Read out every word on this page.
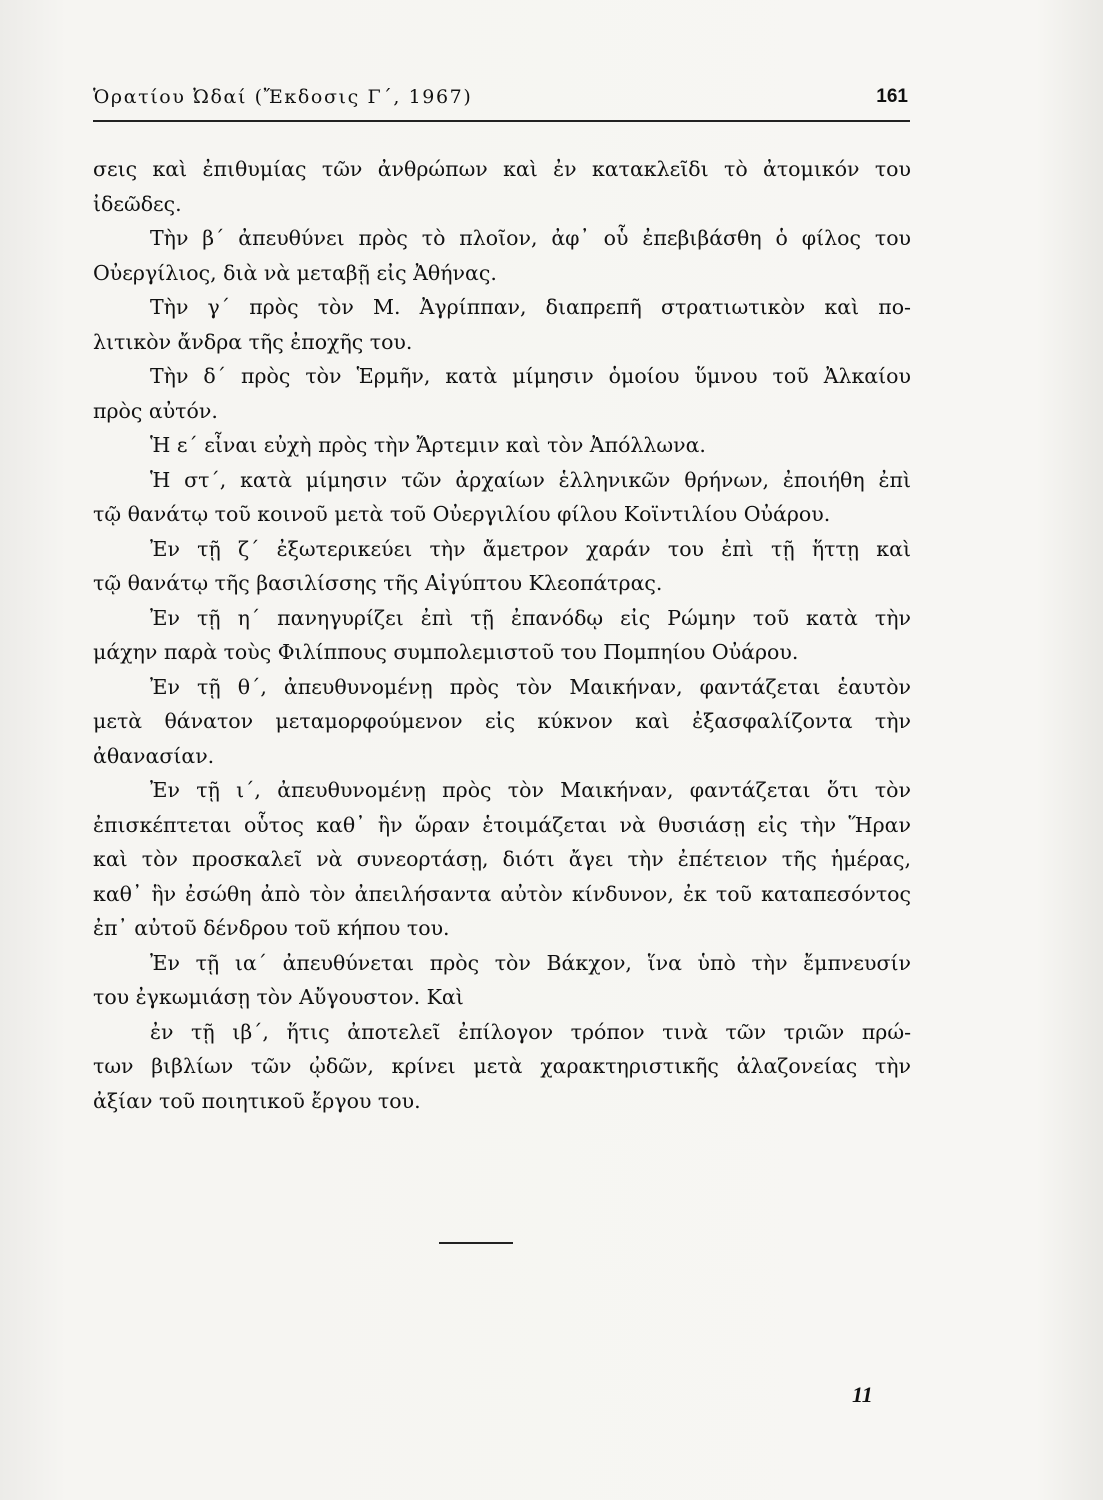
Ὁρατίου Ὠδαί (Ἔκδοσις Γ΄, 1967)	161

σεις καὶ ἐπιθυμίας τῶν ἀνθρώπων καὶ ἐν κατακλεῖδι τὸ ἀτομικόν του
ἰδεῶδες.

Τὴν β΄ ἀπευθύνει πρὸς τὸ πλοῖον, ἀφ᾿ οὗ ἐπεβιβάσθη ὁ φίλος του
Οὐεργίλιος, διὰ νὰ μεταβῇ εἰς Ἀθήνας.

Τὴν γ΄ πρὸς τὸν Μ. Ἀγρίππαν, διαπρεπῆ στρατιωτικὸν καὶ πο-
λιτικὸν ἄνδρα τῆς ἐποχῆς του.

Τὴν δ΄ πρὸς τὸν Ἑρμῆν, κατὰ μίμησιν ὁμοίου ὕμνου τοῦ Ἀλκαίου
πρὸς αὐτόν.

Ἡ ε΄ εἶναι εὐχὴ πρὸς τὴν Ἄρτεμιν καὶ τὸν Ἀπόλλωνα.

Ἡ στ΄, κατὰ μίμησιν τῶν ἀρχαίων ἑλληνικῶν θρήνων, ἐποιήθη ἐπὶ
τῷ θανάτῳ τοῦ κοινοῦ μετὰ τοῦ Οὐεργιλίου φίλου Κοϊντιλίου Οὐάρου.

Ἐν τῇ ζ΄ ἐξωτερικεύει τὴν ἄμετρον χαράν του ἐπὶ τῇ ἥττῃ καὶ
τῷ θανάτῳ τῆς βασιλίσσης τῆς Αἰγύπτου Κλεοπάτρας.

Ἐν τῇ η΄ πανηγυρίζει ἐπὶ τῇ ἐπανόδῳ εἰς Ρώμην τοῦ κατὰ τὴν
μάχην παρὰ τοὺς Φιλίππους συμπολεμιστοῦ του Πομπηίου Οὐάρου.

Ἐν τῇ θ΄, ἀπευθυνομένῃ πρὸς τὸν Μαικήναν, φαντάζεται ἑαυτὸν
μετὰ θάνατον μεταμορφούμενον εἰς κύκνον καὶ ἐξασφαλίζοντα τὴν
ἀθανασίαν.

Ἐν τῇ ι΄, ἀπευθυνομένῃ πρὸς τὸν Μαικήναν, φαντάζεται ὅτι τὸν
ἐπισκέπτεται οὗτος καθ᾿ ἣν ὥραν ἑτοιμάζεται νὰ θυσιάσῃ εἰς τὴν Ἥραν
καὶ τὸν προσκαλεῖ νὰ συνεορτάσῃ, διότι ἄγει τὴν ἐπέτειον τῆς ἡμέρας,
καθ᾿ ἣν ἐσώθη ἀπὸ τὸν ἀπειλήσαντα αὐτὸν κίνδυνον, ἐκ τοῦ καταπεσόντος
ἐπ᾿ αὐτοῦ δένδρου τοῦ κήπου του.

Ἐν τῇ ια΄ ἀπευθύνεται πρὸς τὸν Βάκχον, ἵνα ὑπὸ τὴν ἔμπνευσίν
του ἐγκωμιάσῃ τὸν Αὔγουστον. Καὶ

ἐν τῇ ιβ΄, ἥτις ἀποτελεῖ ἐπίλογον τρόπον τινὰ τῶν τριῶν πρώ-
των βιβλίων τῶν ᾠδῶν, κρίνει μετὰ χαρακτηριστικῆς ἀλαζονείας τὴν
ἀξίαν τοῦ ποιητικοῦ ἔργου του.

11
